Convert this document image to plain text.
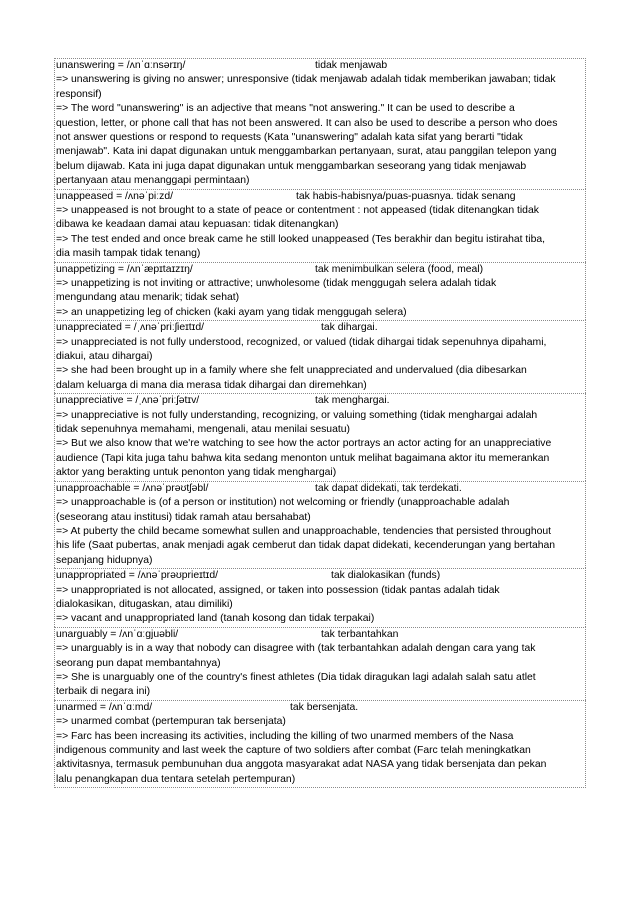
unanswering = /ʌnˈɑːnsərɪŋ/	tidak menjawab
=> unanswering is giving no answer; unresponsive (tidak menjawab adalah tidak memberikan jawaban; tidak
responsif)
=> The word "unanswering" is an adjective that means "not answering." It can be used to describe a
question, letter, or phone call that has not been answered. It can also be used to describe a person who does
not answer questions or respond to requests (Kata "unanswering" adalah kata sifat yang berarti "tidak
menjawab". Kata ini dapat digunakan untuk menggambarkan pertanyaan, surat, atau panggilan telepon yang
belum dijawab. Kata ini juga dapat digunakan untuk menggambarkan seseorang yang tidak menjawab
pertanyaan atau menanggapi permintaan)
unappeased = /ʌnəˈpiːzd/	tak habis-habisnya/puas-puasnya. tidak senang
=> unappeased is not brought to a state of peace or contentment : not appeased (tidak ditenangkan tidak
dibawa ke keadaan damai atau kepuasan: tidak ditenangkan)
=> The test ended and once break came he still looked unappeased (Tes berakhir dan begitu istirahat tiba,
dia masih tampak tidak tenang)
unappetizing = /ʌnˈæpɪtaɪzɪŋ/	tak menimbulkan selera (food, meal)
=> unappetizing is not inviting or attractive; unwholesome (tidak menggugah selera adalah tidak
mengundang atau menarik; tidak sehat)
=> an unappetizing leg of chicken (kaki ayam yang tidak menggugah selera)
unappreciated = /ˌʌnəˈpriːʃieɪtɪd/	tak dihargai.
=> unappreciated is not fully understood, recognized, or valued (tidak dihargai tidak sepenuhnya dipahami,
diakui, atau dihargai)
=> she had been brought up in a family where she felt unappreciated and undervalued (dia dibesarkan
dalam keluarga di mana dia merasa tidak dihargai dan diremehkan)
unappreciative = /ˌʌnəˈpriːʃətɪv/	tak menghargai.
=> unappreciative is not fully understanding, recognizing, or valuing something (tidak menghargai adalah
tidak sepenuhnya memahami, mengenali, atau menilai sesuatu)
=> But we also know that we're watching to see how the actor portrays an actor acting for an unappreciative
audience (Tapi kita juga tahu bahwa kita sedang menonton untuk melihat bagaimana aktor itu memerankan
aktor yang berakting untuk penonton yang tidak menghargai)
unapproachable = /ʌnəˈprəʊtʃəbl/	tak dapat didekati, tak terdekati.
=> unapproachable is (of a person or institution) not welcoming or friendly (unapproachable adalah
(seseorang atau institusi) tidak ramah atau bersahabat)
=> At puberty the child became somewhat sullen and unapproachable, tendencies that persisted throughout
his life (Saat pubertas, anak menjadi agak cemberut dan tidak dapat didekati, kecenderungan yang bertahan
sepanjang hidupnya)
unappropriated = /ʌnəˈprəʊprieɪtɪd/	tak dialokasikan (funds)
=> unappropriated is not allocated, assigned, or taken into possession (tidak pantas adalah tidak
dialokasikan, ditugaskan, atau dimiliki)
=> vacant and unappropriated land (tanah kosong dan tidak terpakai)
unarguably = /ʌnˈɑːgjuəbli/	tak terbantahkan
=> unarguably is in a way that nobody can disagree with (tak terbantahkan adalah dengan cara yang tak
seorang pun dapat membantahnya)
=> She is unarguably one of the country's finest athletes (Dia tidak diragukan lagi adalah salah satu atlet
terbaik di negara ini)
unarmed = /ʌnˈɑːmd/	tak bersenjata.
=> unarmed combat (pertempuran tak bersenjata)
=> Farc has been increasing its activities, including the killing of two unarmed members of the Nasa
indigenous community and last week the capture of two soldiers after combat (Farc telah meningkatkan
aktivitasnya, termasuk pembunuhan dua anggota masyarakat adat NASA yang tidak bersenjata dan pekan
lalu penangkapan dua tentara setelah pertempuran)
